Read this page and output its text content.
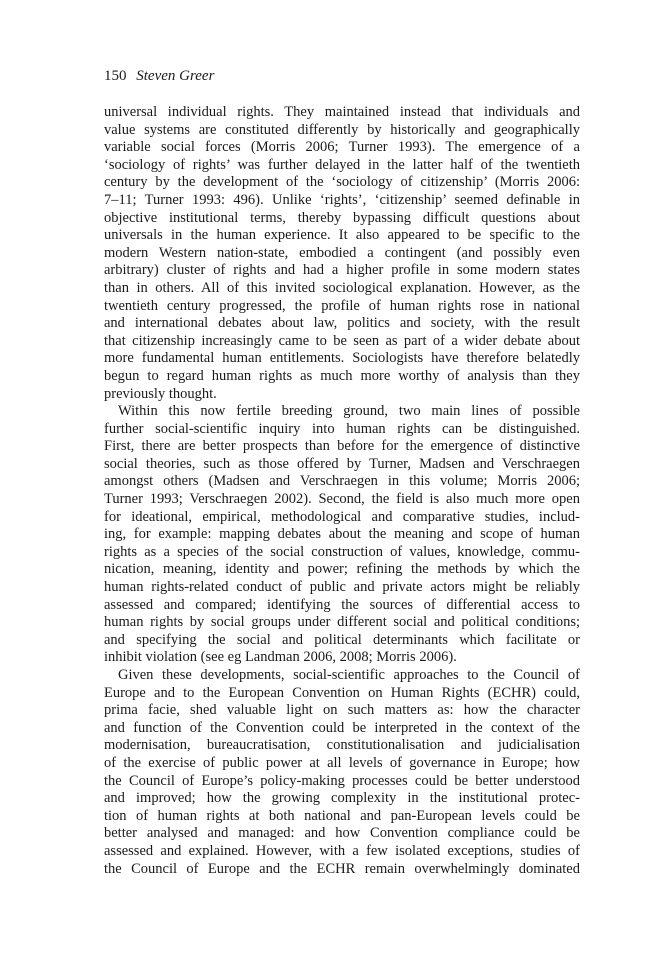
150 Steven Greer
universal individual rights. They maintained instead that individuals and
value systems are constituted differently by historically and geographically
variable social forces (Morris 2006; Turner 1993). The emergence of a
‘sociology of rights’ was further delayed in the latter half of the twentieth
century by the development of the ‘sociology of citizenship’ (Morris 2006:
7–11; Turner 1993: 496). Unlike ‘rights’, ‘citizenship’ seemed definable in
objective institutional terms, thereby bypassing difficult questions about
universals in the human experience. It also appeared to be specific to the
modern Western nation-state, embodied a contingent (and possibly even
arbitrary) cluster of rights and had a higher profile in some modern states
than in others. All of this invited sociological explanation. However, as the
twentieth century progressed, the profile of human rights rose in national
and international debates about law, politics and society, with the result
that citizenship increasingly came to be seen as part of a wider debate about
more fundamental human entitlements. Sociologists have therefore belatedly
begun to regard human rights as much more worthy of analysis than they
previously thought.
Within this now fertile breeding ground, two main lines of possible
further social-scientific inquiry into human rights can be distinguished.
First, there are better prospects than before for the emergence of distinctive
social theories, such as those offered by Turner, Madsen and Verschraegen
amongst others (Madsen and Verschraegen in this volume; Morris 2006;
Turner 1993; Verschraegen 2002). Second, the field is also much more open
for ideational, empirical, methodological and comparative studies, includ-
ing, for example: mapping debates about the meaning and scope of human
rights as a species of the social construction of values, knowledge, commu-
nication, meaning, identity and power; refining the methods by which the
human rights-related conduct of public and private actors might be reliably
assessed and compared; identifying the sources of differential access to
human rights by social groups under different social and political conditions;
and specifying the social and political determinants which facilitate or
inhibit violation (see eg Landman 2006, 2008; Morris 2006).
Given these developments, social-scientific approaches to the Council of
Europe and to the European Convention on Human Rights (ECHR) could,
prima facie, shed valuable light on such matters as: how the character
and function of the Convention could be interpreted in the context of the
modernisation, bureaucratisation, constitutionalisation and judicialisation
of the exercise of public power at all levels of governance in Europe; how
the Council of Europe’s policy-making processes could be better understood
and improved; how the growing complexity in the institutional protec-
tion of human rights at both national and pan-European levels could be
better analysed and managed: and how Convention compliance could be
assessed and explained. However, with a few isolated exceptions, studies of
the Council of Europe and the ECHR remain overwhelmingly dominated
